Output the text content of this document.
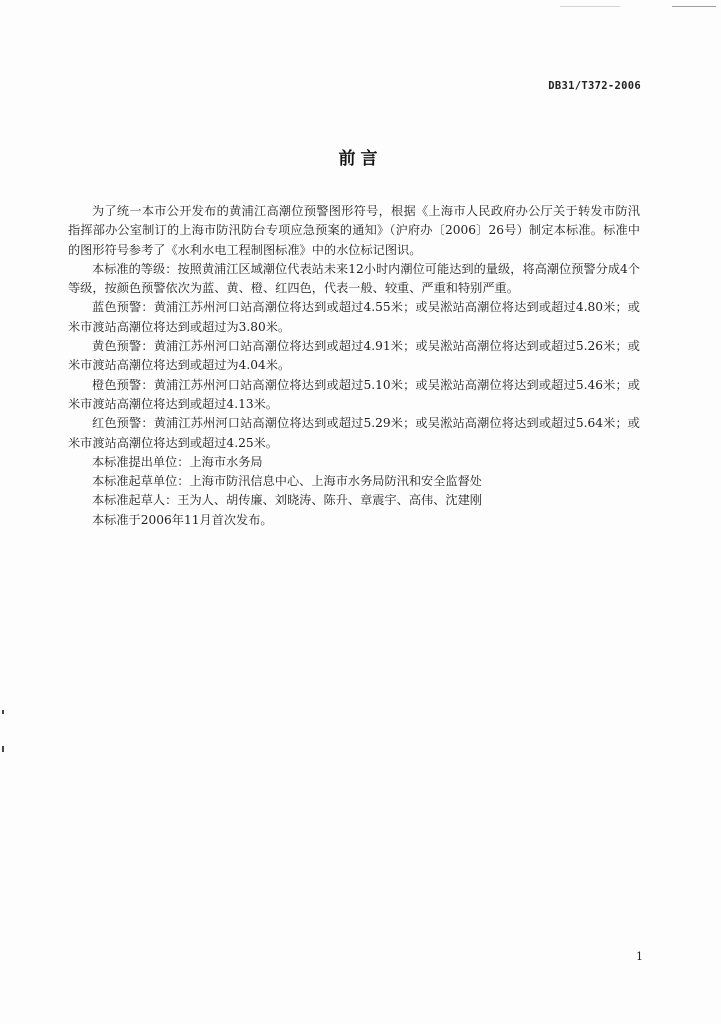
DB31/T372-2006
前言

为了统一本市公开发布的黄浦江高潮位预警图形符号，根据《上海市人民政府办公厅关于转发市防汛指挥部办公室制订的上海市防汛防台专项应急预案的通知》（沪府办〔2006〕26号）制定本标准。标准中的图形符号参考了《水利水电工程制图标准》中的水位标记图识。

本标准的等级：按照黄浦江区域潮位代表站未来12小时内潮位可能达到的量级，将高潮位预警分成4个等级，按颜色预警依次为蓝、黄、橙、红四色，代表一般、较重、严重和特别严重。

蓝色预警：黄浦江苏州河口站高潮位将达到或超过4.55米；或吴淞站高潮位将达到或超过4.80米；或米市渡站高潮位将达到或超过为3.80米。

黄色预警：黄浦江苏州河口站高潮位将达到或超过4.91米；或吴淞站高潮位将达到或超过5.26米；或米市渡站高潮位将达到或超过为4.04米。

橙色预警：黄浦江苏州河口站高潮位将达到或超过5.10米；或吴淞站高潮位将达到或超过5.46米；或米市渡站高潮位将达到或超过4.13米。

红色预警：黄浦江苏州河口站高潮位将达到或超过5.29米；或吴淞站高潮位将达到或超过5.64米；或米市渡站高潮位将达到或超过4.25米。

本标准提出单位：上海市水务局

本标准起草单位：上海市防汛信息中心、上海市水务局防汛和安全监督处

本标准起草人：王为人、胡传廉、刘晓涛、陈升、章震宇、高伟、沈建刚

本标准于2006年11月首次发布。

1
